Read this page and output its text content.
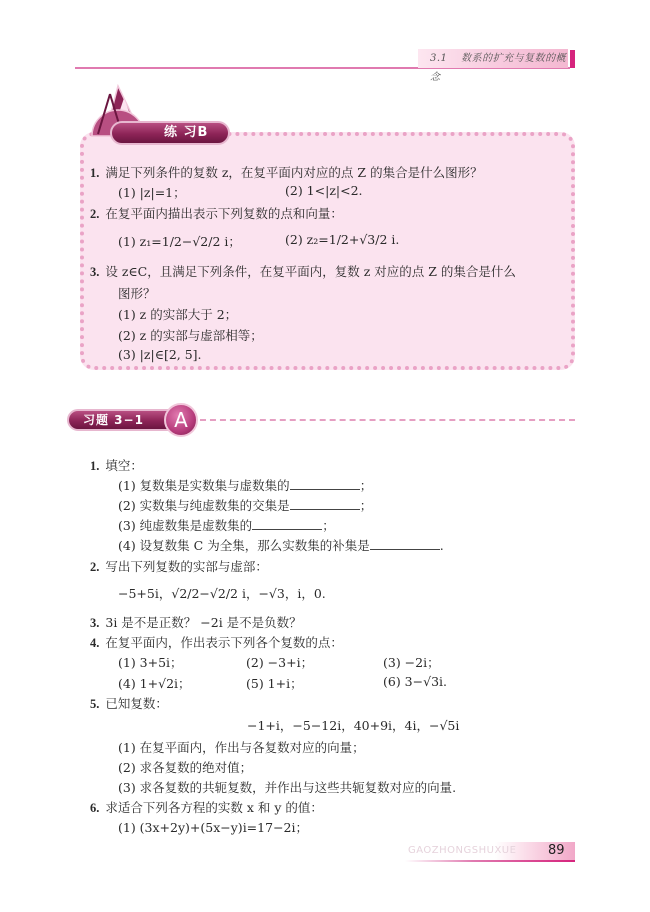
3.1 数系的扩充与复数的概念
练 习B
1. 满足下列条件的复数 z，在复平面内对应的点 Z 的集合是什么图形？
(1) |z|=1；	(2) 1<|z|<2.
2. 在复平面内描出表示下列复数的点和向量：
(1) z₁=1/2−√2/2 i；	(2) z₂=1/2+√3/2 i.
3. 设 z∈C，且满足下列条件，在复平面内，复数 z 对应的点 Z 的集合是什么
图形？
(1) z 的实部大于 2；
(2) z 的实部与虚部相等；
(3) |z|∈[2, 5].
习题 3−1	A
1. 填空：
(1) 复数集是实数集与虚数集的	；
(2) 实数集与纯虚数集的交集是	；
(3) 纯虚数集是虚数集的	；
(4) 设复数集 C 为全集，那么实数集的补集是	.
2. 写出下列复数的实部与虚部：
−5+5i，√2/2−√2/2 i，−√3，i，0.
3. 3i 是不是正数？ −2i 是不是负数？
4. 在复平面内，作出表示下列各个复数的点：
(1) 3+5i；	(2) −3+i；	(3) −2i；
(4) 1+√2i；	(5) 1+i；	(6) 3−√3i.
5. 已知复数：
−1+i，−5−12i，40+9i，4i，−√5i
(1) 在复平面内，作出与各复数对应的向量；
(2) 求各复数的绝对值；
(3) 求各复数的共轭复数，并作出与这些共轭复数对应的向量.
6. 求适合下列各方程的实数 x 和 y 的值：
(1) (3x+2y)+(5x−y)i=17−2i；
GAOZHONGSHUXUE 89
